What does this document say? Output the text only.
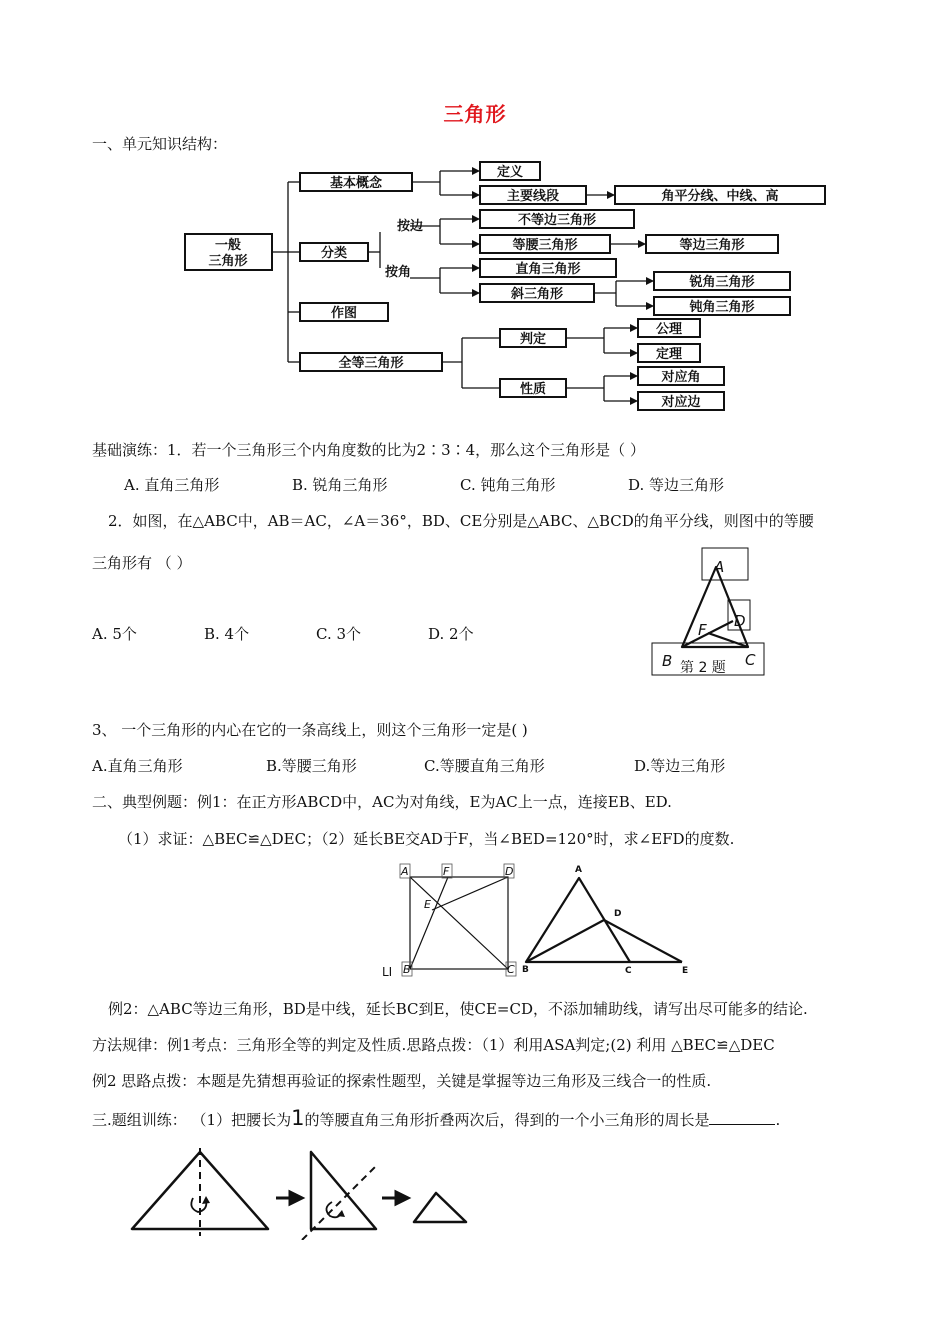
三角形
一、单元知识结构：
一般
三角形
基本概念
定义
主要线段	角平分线、中线、高
分类
按边	不等边三角形
等腰三角形	等边三角形
按角	直角三角形
斜三角形
锐角三角形
钝角三角形
作图
全等三角形
判定
公理
定理
性质
对应角
对应边
基础演练：1．若一个三角形三个内角度数的比为2∶3∶4，那么这个三角形是（ ）
A. 直角三角形	B. 锐角三角形	C. 钝角三角形	D. 等边三角形
2．如图，在△ABC中，AB＝AC，∠A＝36°，BD、CE分别是△ABC、△BCD的角平分线，则图中的等腰
三角形有 （ ）
A. 5个	B. 4个	C. 3个	D. 2个
A
D
F
B	C
第 2 题
3、 一个三角形的内心在它的一条高线上，则这个三角形一定是( )
A.直角三角形	B.等腰三角形	C.等腰直角三角形	D.等边三角形
二、典型例题：例1：在正方形ABCD中，AC为对角线，E为AC上一点，连接EB、ED.
（1）求证：△BEC≌△DEC；（2）延长BE交AD于F，当∠BED=120°时，求∠EFD的度数.
A	F	D
E
B	C
LI
A
D
B	C	E
例2：△ABC等边三角形，BD是中线，延长BC到E，使CE=CD，不添加辅助线，请写出尽可能多的结论.
方法规律：例1考点：三角形全等的判定及性质.思路点拨：（1）利用ASA判定;(2) 利用 △BEC≌△DEC
例2 思路点拨：本题是先猜想再验证的探索性题型，关键是掌握等边三角形及三线合一的性质.
三.题组训练： （1）把腰长为1的等腰直角三角形折叠两次后，得到的一个小三角形的周长是	.
